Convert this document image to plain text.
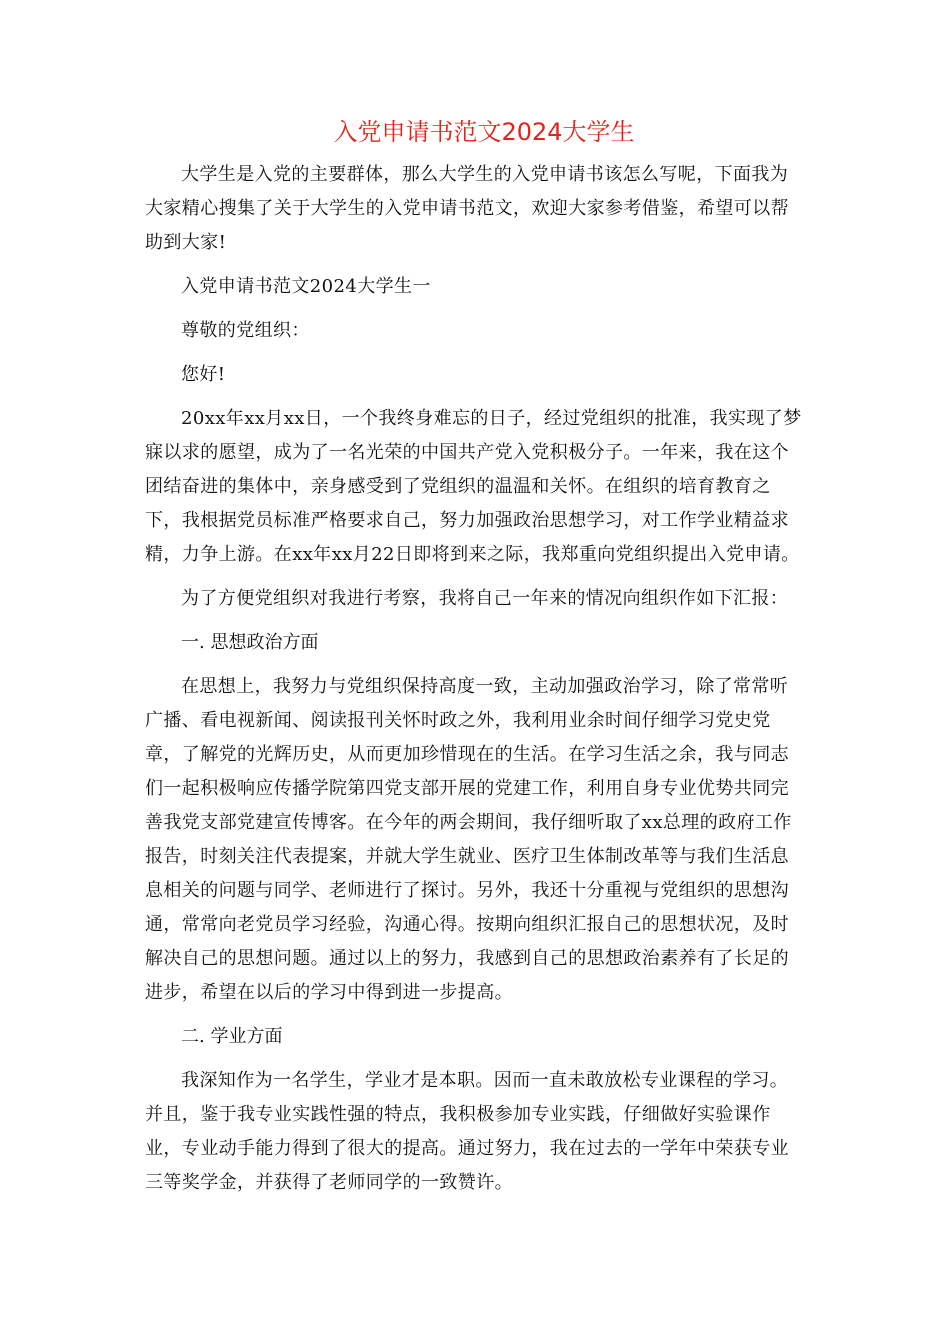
入党申请书范文2024大学生

大学生是入党的主要群体，那么大学生的入党申请书该怎么写呢，下面我为大家精心搜集了关于大学生的入党申请书范文，欢迎大家参考借鉴，希望可以帮助到大家!

入党申请书范文2024大学生一

尊敬的党组织：

您好!

20xx年xx月xx日，一个我终身难忘的日子，经过党组织的批准，我实现了梦寐以求的愿望，成为了一名光荣的中国共产党入党积极分子。一年来，我在这个团结奋进的集体中，亲身感受到了党组织的温温和关怀。在组织的培育教育之下，我根据党员标准严格要求自己，努力加强政治思想学习，对工作学业精益求精，力争上游。在xx年xx月22日即将到来之际，我郑重向党组织提出入党申请。

为了方便党组织对我进行考察，我将自己一年来的情况向组织作如下汇报：

一. 思想政治方面

在思想上，我努力与党组织保持高度一致，主动加强政治学习，除了常常听广播、看电视新闻、阅读报刊关怀时政之外，我利用业余时间仔细学习党史党章，了解党的光辉历史，从而更加珍惜现在的生活。在学习生活之余，我与同志们一起积极响应传播学院第四党支部开展的党建工作，利用自身专业优势共同完善我党支部党建宣传博客。在今年的两会期间，我仔细听取了xx总理的政府工作报告，时刻关注代表提案，并就大学生就业、医疗卫生体制改革等与我们生活息息相关的问题与同学、老师进行了探讨。另外，我还十分重视与党组织的思想沟通，常常向老党员学习经验，沟通心得。按期向组织汇报自己的思想状况，及时解决自己的思想问题。通过以上的努力，我感到自己的思想政治素养有了长足的进步，希望在以后的学习中得到进一步提高。

二. 学业方面

我深知作为一名学生，学业才是本职。因而一直未敢放松专业课程的学习。并且，鉴于我专业实践性强的特点，我积极参加专业实践，仔细做好实验课作业，专业动手能力得到了很大的提高。通过努力，我在过去的一学年中荣获专业三等奖学金，并获得了老师同学的一致赞许。
